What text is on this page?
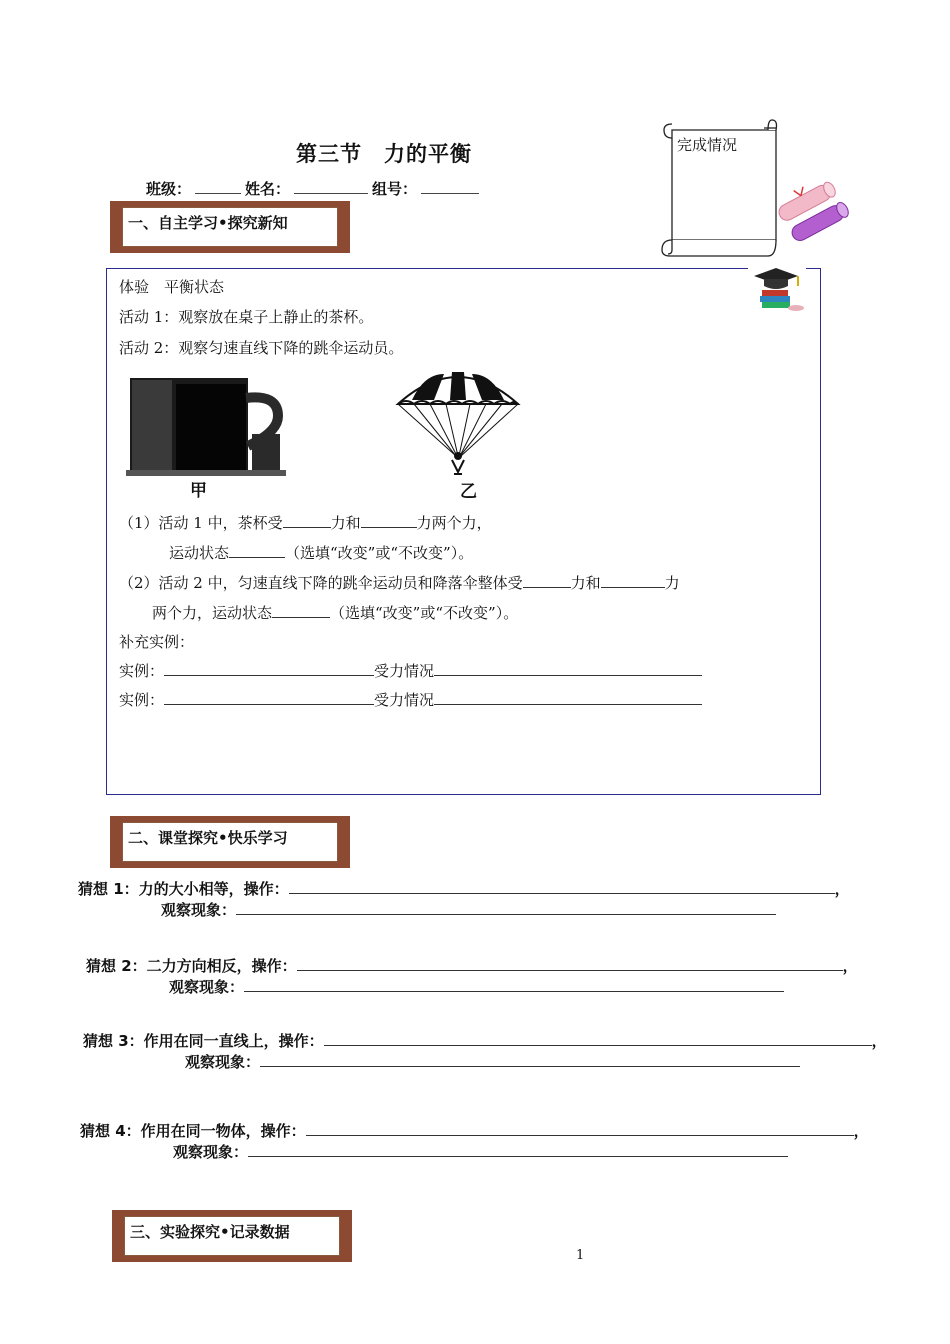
第三节　力的平衡
班级：	姓名：	组号：
完成情况
一、自主学习•探究新知
体验　平衡状态
活动 1：观察放在桌子上静止的茶杯。
活动 2：观察匀速直线下降的跳伞运动员。
甲	乙
（1）活动 1 中，茶杯受	力和	力两个力，
运动状态	（选填“改变”或“不改变”）。
（2）活动 2 中，匀速直线下降的跳伞运动员和降落伞整体受	力和	力
两个力，运动状态	（选填“改变”或“不改变”）。
补充实例：
实例：	受力情况
实例：	受力情况
二、课堂探究•快乐学习
猜想 1：力的大小相等，操作：	，
观察现象：
猜想 2：二力方向相反，操作：	，
观察现象：
猜想 3：作用在同一直线上，操作：	，
观察现象：
猜想 4：作用在同一物体，操作：	，
观察现象：
三、实验探究•记录数据
1
